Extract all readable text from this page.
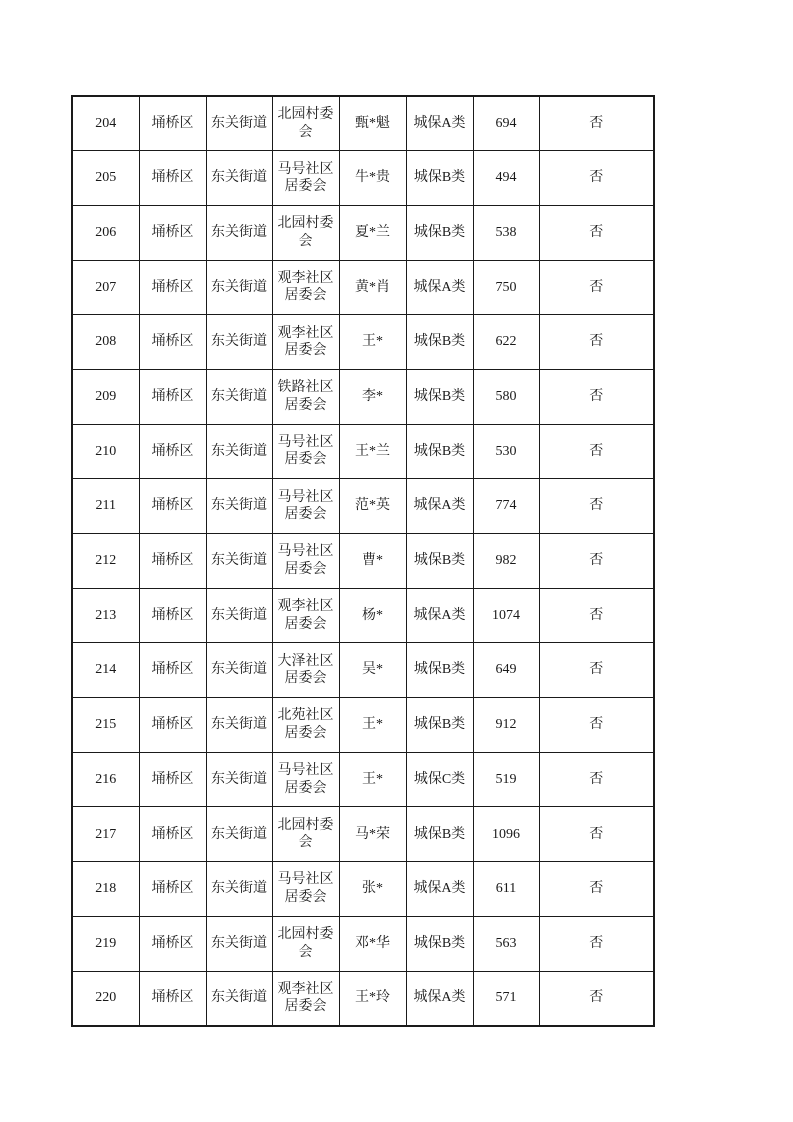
204	埇桥区	东关街道	北园村委会	甄*魁	城保A类	694	否
205	埇桥区	东关街道	马号社区居委会	牛*贵	城保B类	494	否
206	埇桥区	东关街道	北园村委会	夏*兰	城保B类	538	否
207	埇桥区	东关街道	观李社区居委会	黄*肖	城保A类	750	否
208	埇桥区	东关街道	观李社区居委会	王*	城保B类	622	否
209	埇桥区	东关街道	铁路社区居委会	李*	城保B类	580	否
210	埇桥区	东关街道	马号社区居委会	王*兰	城保B类	530	否
211	埇桥区	东关街道	马号社区居委会	范*英	城保A类	774	否
212	埇桥区	东关街道	马号社区居委会	曹*	城保B类	982	否
213	埇桥区	东关街道	观李社区居委会	杨*	城保A类	1074	否
214	埇桥区	东关街道	大泽社区居委会	吴*	城保B类	649	否
215	埇桥区	东关街道	北苑社区居委会	王*	城保B类	912	否
216	埇桥区	东关街道	马号社区居委会	王*	城保C类	519	否
217	埇桥区	东关街道	北园村委会	马*荣	城保B类	1096	否
218	埇桥区	东关街道	马号社区居委会	张*	城保A类	611	否
219	埇桥区	东关街道	北园村委会	邓*华	城保B类	563	否
220	埇桥区	东关街道	观李社区居委会	王*玲	城保A类	571	否
